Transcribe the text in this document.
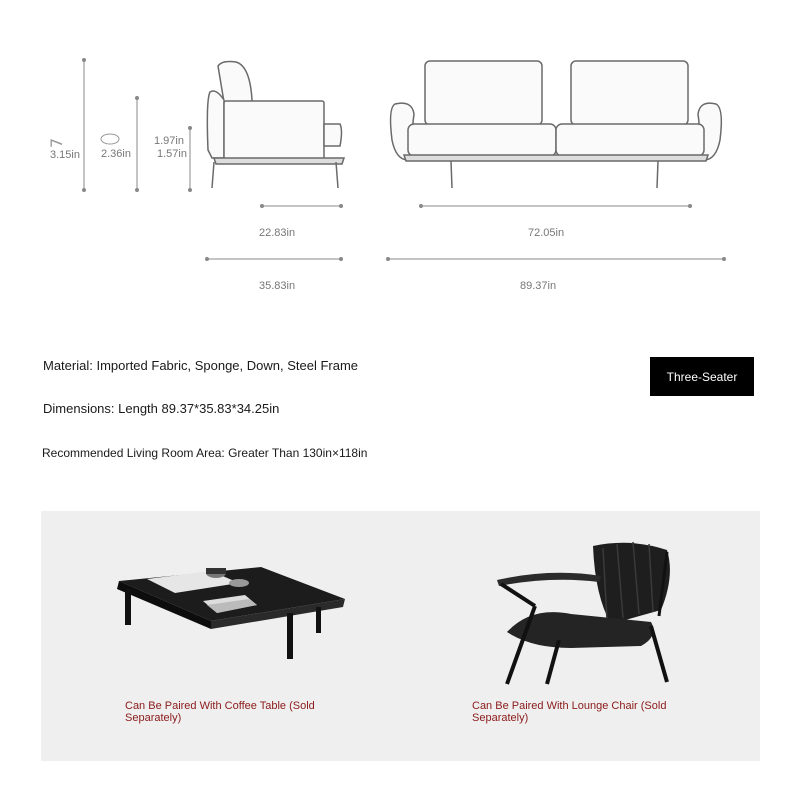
7
3.15in 2.36in
1.97in
1.57in
22.83in	72.05in
35.83in	89.37in
Material: Imported Fabric, Sponge, Down, Steel Frame
Dimensions: Length 89.37*35.83*34.25in
Recommended Living Room Area: Greater Than 130in×118in
Three-Seater
Can Be Paired With Coffee Table (Sold Separately)
Can Be Paired With Lounge Chair (Sold Separately)
